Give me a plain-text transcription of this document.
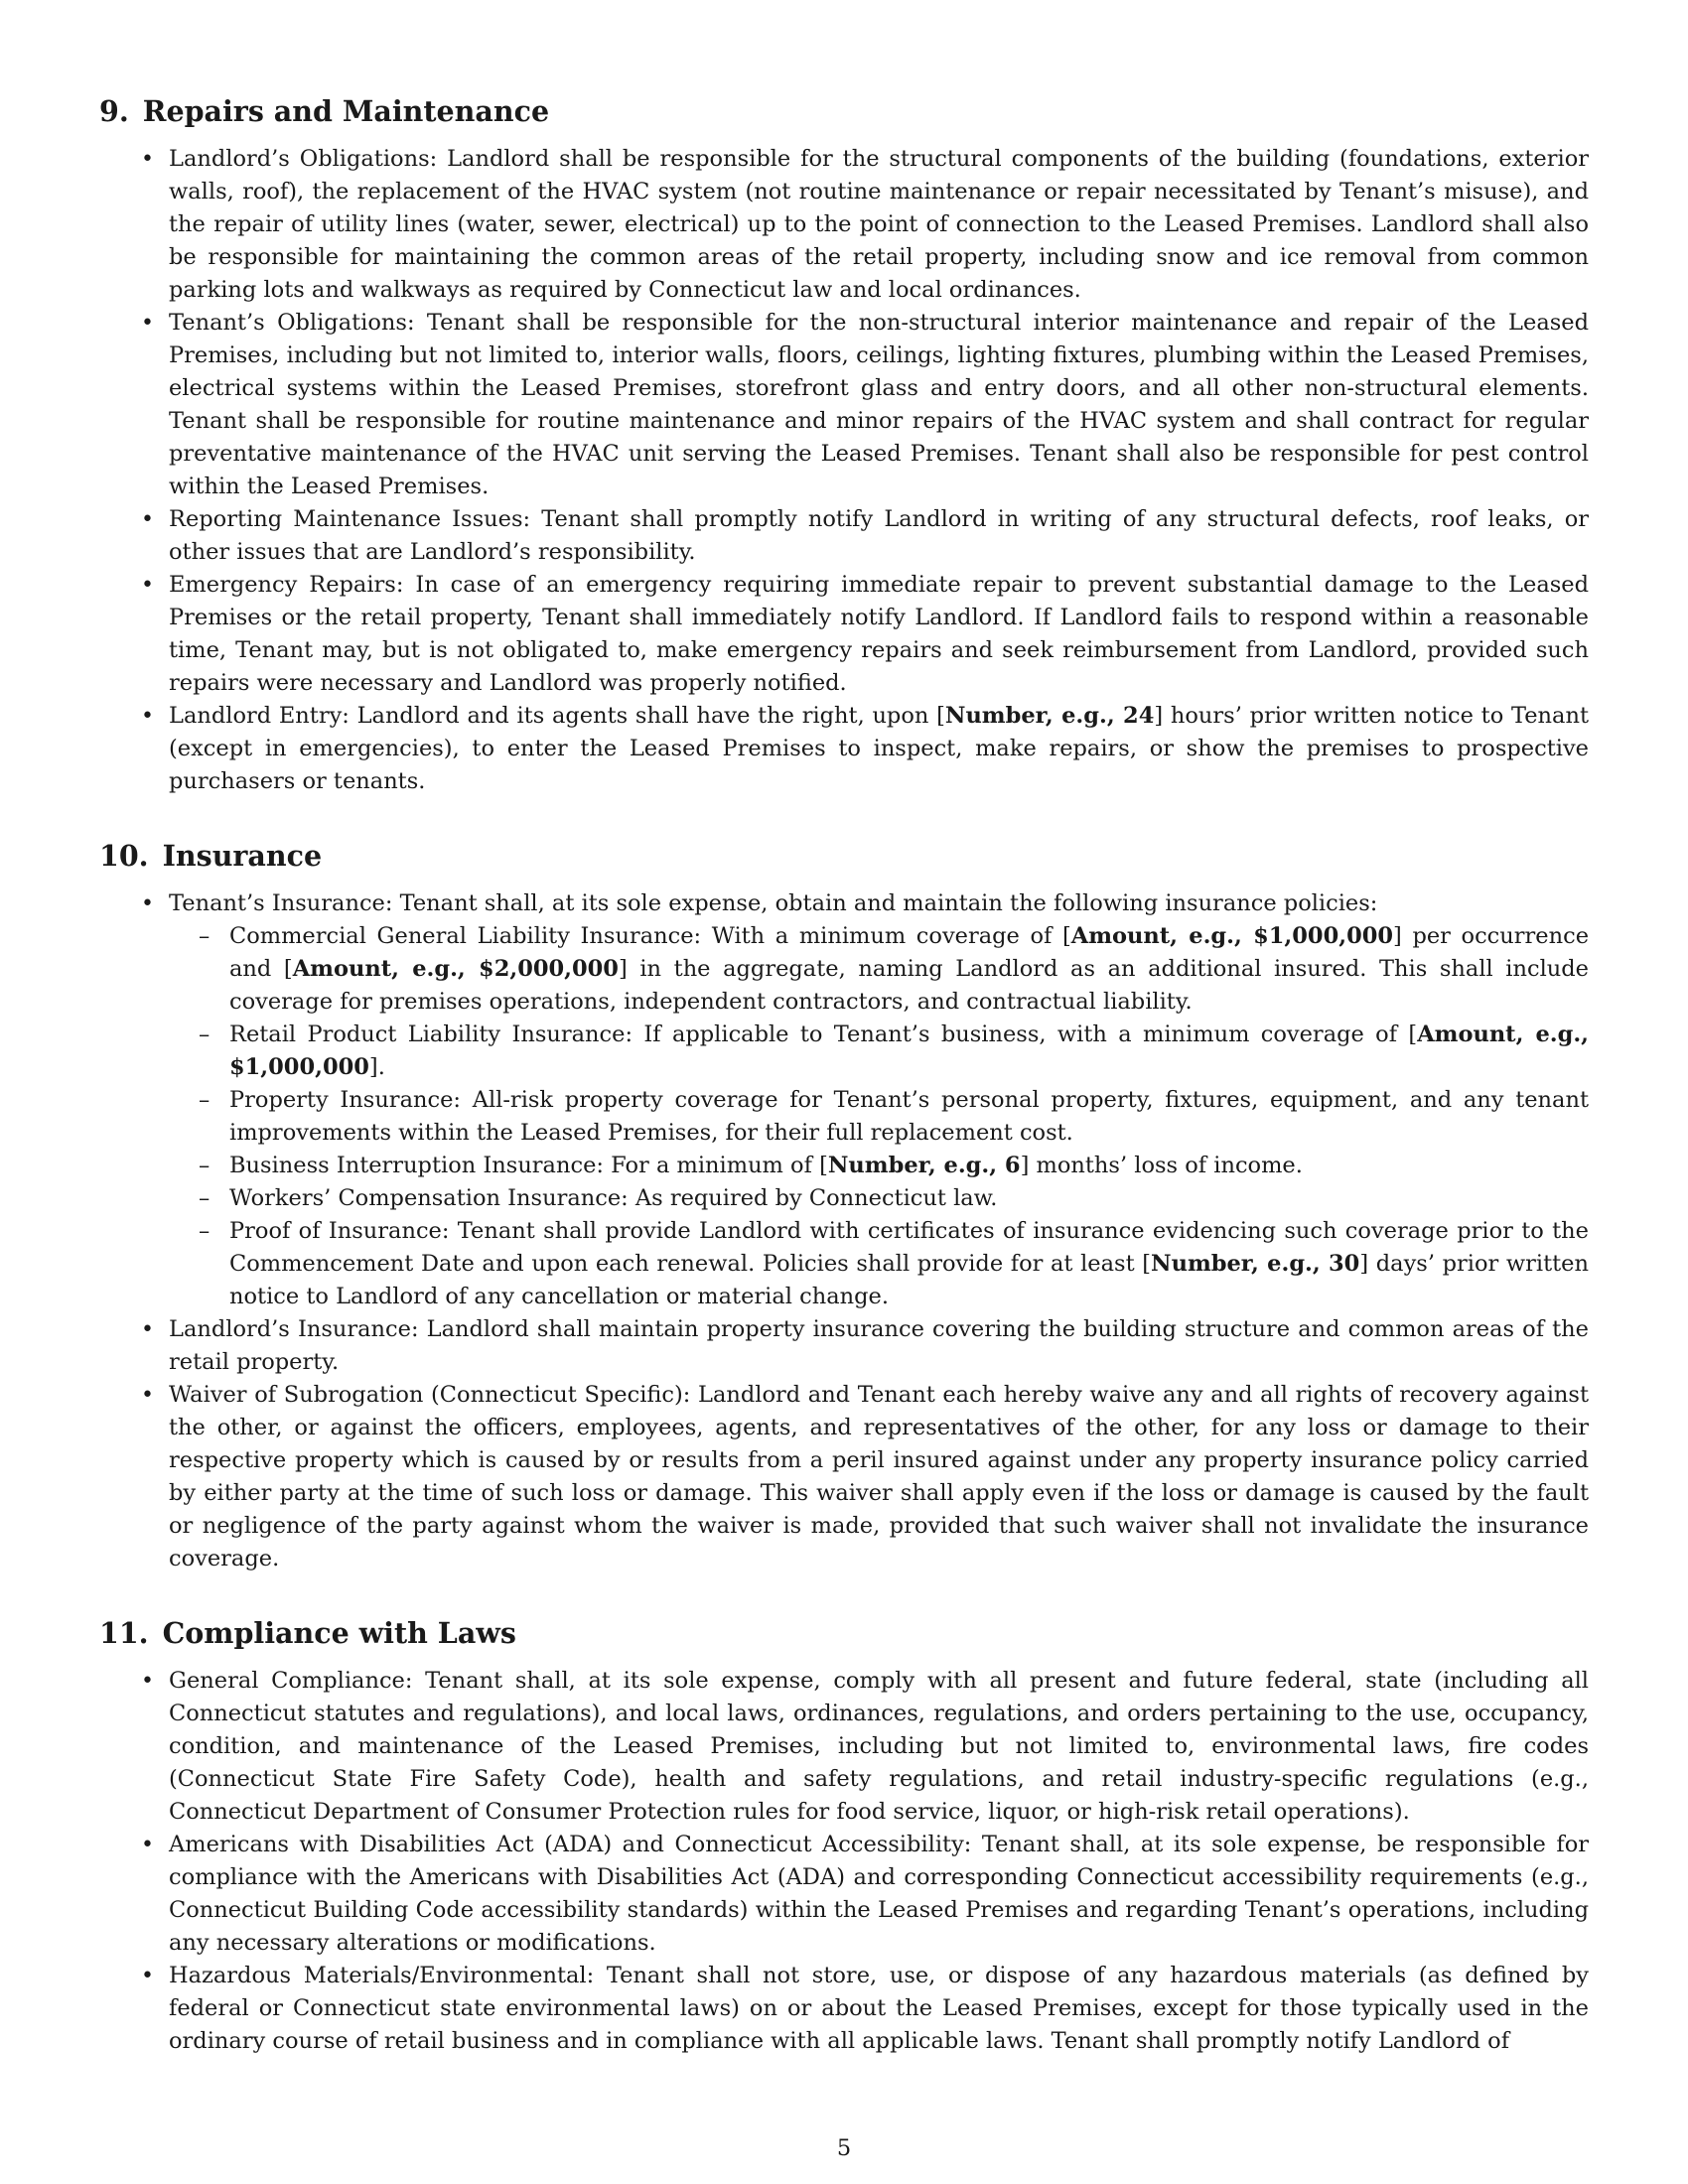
9. Repairs and Maintenance
• Landlord’s Obligations: Landlord shall be responsible for the structural components of the building (foundations, exterior walls, roof), the replacement of the HVAC system (not routine maintenance or repair necessitated by Tenant’s misuse), and the repair of utility lines (water, sewer, electrical) up to the point of connection to the Leased Premises. Landlord shall also be responsible for maintaining the common areas of the retail property, including snow and ice removal from common parking lots and walkways as required by Connecticut law and local ordinances.
• Tenant’s Obligations: Tenant shall be responsible for the non-structural interior maintenance and repair of the Leased Premises, including but not limited to, interior walls, floors, ceilings, lighting fixtures, plumbing within the Leased Premises, electrical systems within the Leased Premises, storefront glass and entry doors, and all other non-structural elements. Tenant shall be responsible for routine maintenance and minor repairs of the HVAC system and shall contract for regular preventative maintenance of the HVAC unit serving the Leased Premises. Tenant shall also be responsible for pest control within the Leased Premises.
• Reporting Maintenance Issues: Tenant shall promptly notify Landlord in writing of any structural defects, roof leaks, or other issues that are Landlord’s responsibility.
• Emergency Repairs: In case of an emergency requiring immediate repair to prevent substantial damage to the Leased Premises or the retail property, Tenant shall immediately notify Landlord. If Landlord fails to respond within a reasonable time, Tenant may, but is not obligated to, make emergency repairs and seek reimbursement from Landlord, provided such repairs were necessary and Landlord was properly notified.
• Landlord Entry: Landlord and its agents shall have the right, upon [Number, e.g., 24] hours’ prior written notice to Tenant (except in emergencies), to enter the Leased Premises to inspect, make repairs, or show the premises to prospective purchasers or tenants.
10. Insurance
• Tenant’s Insurance: Tenant shall, at its sole expense, obtain and maintain the following insurance policies:
– Commercial General Liability Insurance: With a minimum coverage of [Amount, e.g., $1,000,000] per occurrence and [Amount, e.g., $2,000,000] in the aggregate, naming Landlord as an additional insured. This shall include coverage for premises operations, independent contractors, and contractual liability.
– Retail Product Liability Insurance: If applicable to Tenant’s business, with a minimum coverage of [Amount, e.g., $1,000,000].
– Property Insurance: All-risk property coverage for Tenant’s personal property, fixtures, equipment, and any tenant improvements within the Leased Premises, for their full replacement cost.
– Business Interruption Insurance: For a minimum of [Number, e.g., 6] months’ loss of income.
– Workers’ Compensation Insurance: As required by Connecticut law.
– Proof of Insurance: Tenant shall provide Landlord with certificates of insurance evidencing such coverage prior to the Commencement Date and upon each renewal. Policies shall provide for at least [Number, e.g., 30] days’ prior written notice to Landlord of any cancellation or material change.
• Landlord’s Insurance: Landlord shall maintain property insurance covering the building structure and common areas of the retail property.
• Waiver of Subrogation (Connecticut Specific): Landlord and Tenant each hereby waive any and all rights of recovery against the other, or against the officers, employees, agents, and representatives of the other, for any loss or damage to their respective property which is caused by or results from a peril insured against under any property insurance policy carried by either party at the time of such loss or damage. This waiver shall apply even if the loss or damage is caused by the fault or negligence of the party against whom the waiver is made, provided that such waiver shall not invalidate the insurance coverage.
11. Compliance with Laws
• General Compliance: Tenant shall, at its sole expense, comply with all present and future federal, state (including all Connecticut statutes and regulations), and local laws, ordinances, regulations, and orders pertaining to the use, occupancy, condition, and maintenance of the Leased Premises, including but not limited to, environmental laws, fire codes (Connecticut State Fire Safety Code), health and safety regulations, and retail industry-specific regulations (e.g., Connecticut Department of Consumer Protection rules for food service, liquor, or high-risk retail operations).
• Americans with Disabilities Act (ADA) and Connecticut Accessibility: Tenant shall, at its sole expense, be responsible for compliance with the Americans with Disabilities Act (ADA) and corresponding Connecticut accessibility requirements (e.g., Connecticut Building Code accessibility standards) within the Leased Premises and regarding Tenant’s operations, including any necessary alterations or modifications.
• Hazardous Materials/Environmental: Tenant shall not store, use, or dispose of any hazardous materials (as defined by federal or Connecticut state environmental laws) on or about the Leased Premises, except for those typically used in the ordinary course of retail business and in compliance with all applicable laws. Tenant shall promptly notify Landlord of
5
